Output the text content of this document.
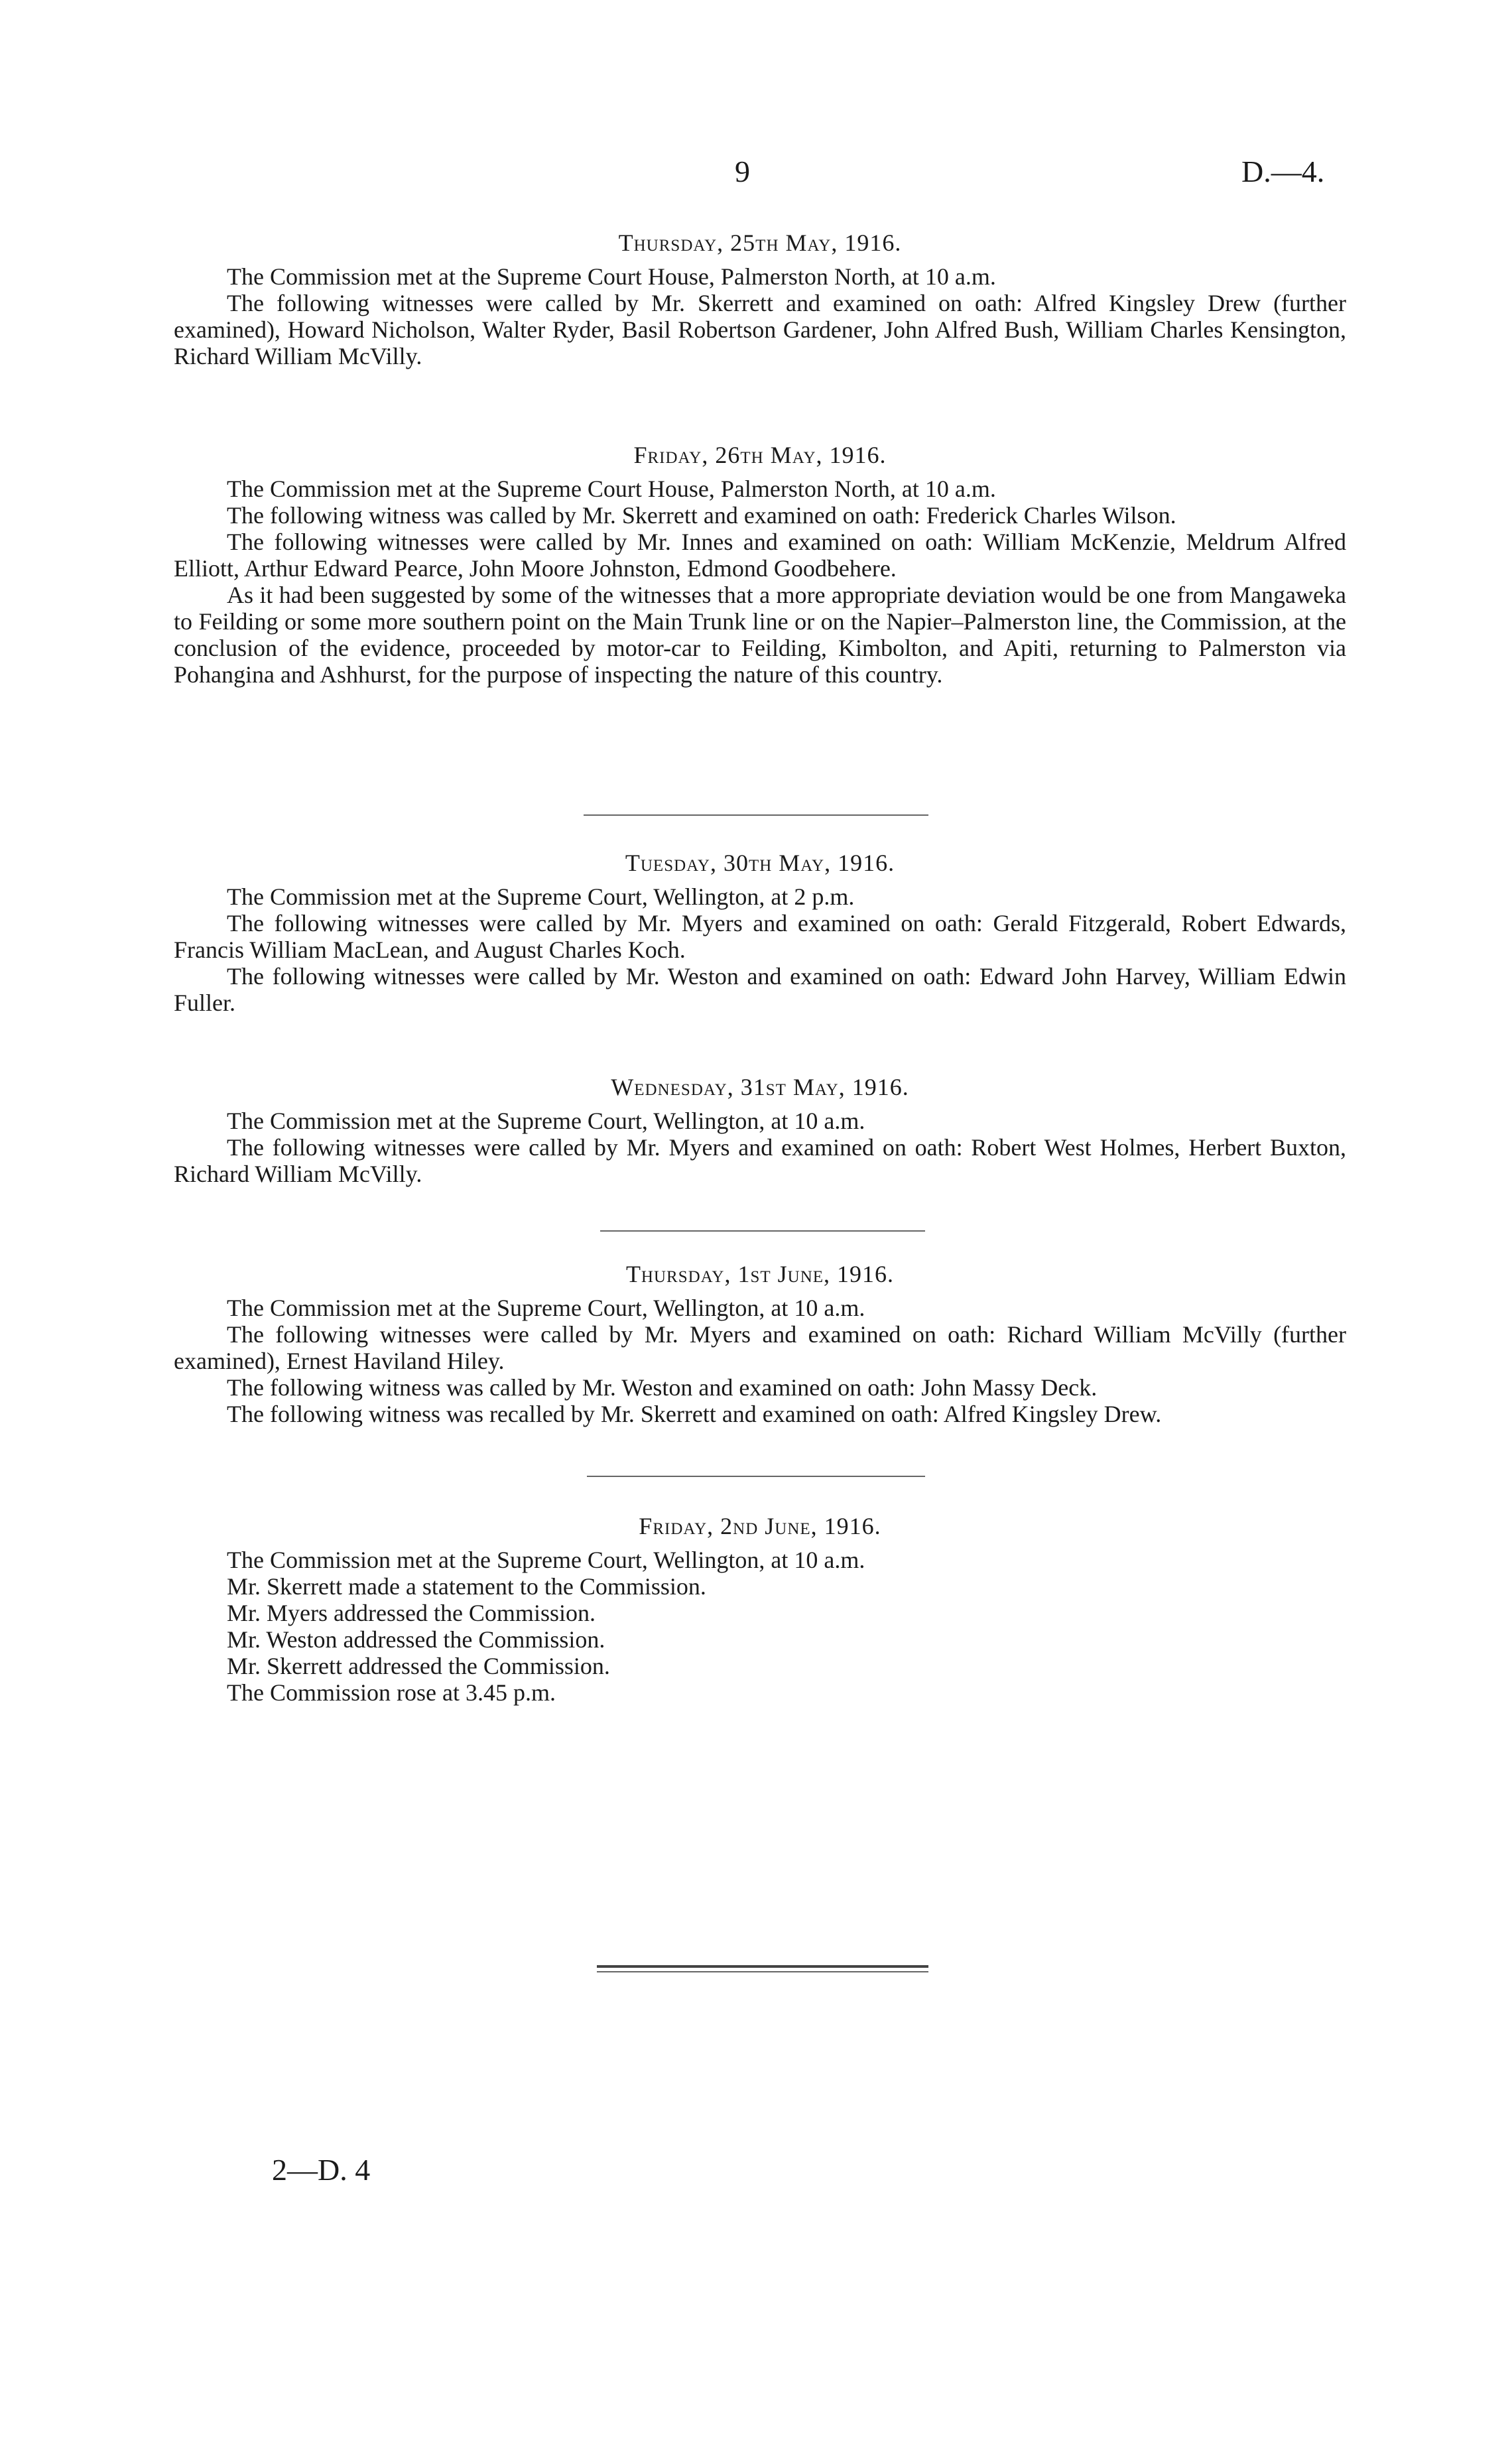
9	D.—4.

Thursday, 25th May, 1916.

The Commission met at the Supreme Court House, Palmerston North, at 10 a.m.

The following witnesses were called by Mr. Skerrett and examined on oath: Alfred Kingsley Drew (further examined), Howard Nicholson, Walter Ryder, Basil Robertson Gardener, John Alfred Bush, William Charles Kensington, Richard William McVilly.

Friday, 26th May, 1916.

The Commission met at the Supreme Court House, Palmerston North, at 10 a.m.

The following witness was called by Mr. Skerrett and examined on oath: Frederick Charles Wilson.

The following witnesses were called by Mr. Innes and examined on oath: William McKenzie, Meldrum Alfred Elliott, Arthur Edward Pearce, John Moore Johnston, Edmond Goodbehere.

As it had been suggested by some of the witnesses that a more appropriate deviation would be one from Mangaweka to Feilding or some more southern point on the Main Trunk line or on the Napier–Palmerston line, the Commission, at the conclusion of the evidence, proceeded by motor-car to Feilding, Kimbolton, and Apiti, returning to Palmerston via Pohangina and Ashhurst, for the purpose of inspecting the nature of this country.

Tuesday, 30th May, 1916.

The Commission met at the Supreme Court, Wellington, at 2 p.m.

The following witnesses were called by Mr. Myers and examined on oath: Gerald Fitzgerald, Robert Edwards, Francis William MacLean, and August Charles Koch.

The following witnesses were called by Mr. Weston and examined on oath: Edward John Harvey, William Edwin Fuller.

Wednesday, 31st May, 1916.

The Commission met at the Supreme Court, Wellington, at 10 a.m.

The following witnesses were called by Mr. Myers and examined on oath: Robert West Holmes, Herbert Buxton, Richard William McVilly.

Thursday, 1st June, 1916.

The Commission met at the Supreme Court, Wellington, at 10 a.m.

The following witnesses were called by Mr. Myers and examined on oath: Richard William McVilly (further examined), Ernest Haviland Hiley.

The following witness was called by Mr. Weston and examined on oath: John Massy Deck.

The following witness was recalled by Mr. Skerrett and examined on oath: Alfred Kingsley Drew.

Friday, 2nd June, 1916.

The Commission met at the Supreme Court, Wellington, at 10 a.m.

Mr. Skerrett made a statement to the Commission.

Mr. Myers addressed the Commission.

Mr. Weston addressed the Commission.

Mr. Skerrett addressed the Commission.

The Commission rose at 3.45 p.m.

2—D. 4
